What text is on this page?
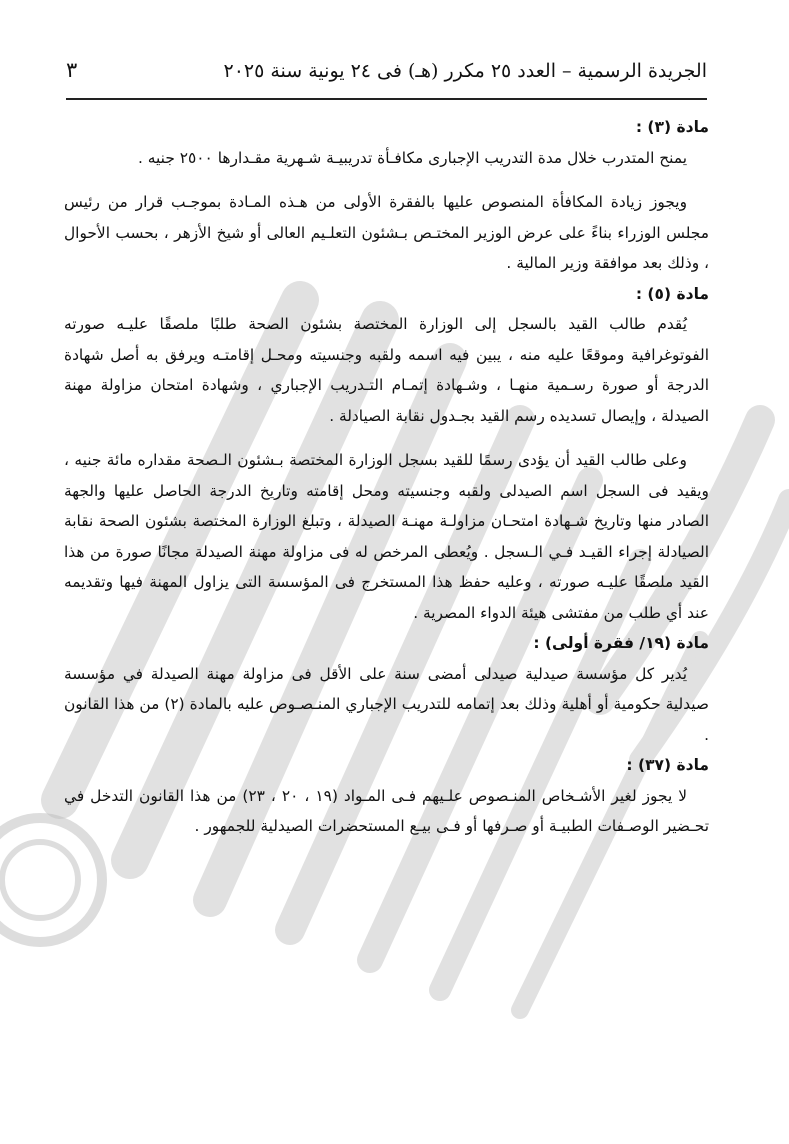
الجريدة الرسمية – العدد ٢٥ مكرر (هـ) فى ٢٤ يونية سنة ٢٠٢٥
٣

مادة (٣) :

يمنح المتدرب خلال مدة التدريب الإجبارى مكافـأة تدريبيـة شـهرية مقـدارها ٢٥٠٠ جنيه .

ويجوز زيادة المكافأة المنصوص عليها بالفقرة الأولى من هـذه المـادة بموجـب قرار من رئيس مجلس الوزراء بناءً على عرض الوزير المختـص بـشئون التعلـيم العالى أو شيخ الأزهر ، بحسب الأحوال ، وذلك بعد موافقة وزير المالية .

مادة (٥) :

يُقدم طالب القيد بالسجل إلى الوزارة المختصة بشئون الصحة طلبًا ملصقًا عليـه صورته الفوتوغرافية وموقعًا عليه منه ، يبين فيه اسمه ولقبه وجنسيته ومحـل إقامتـه ويرفق به أصل شهادة الدرجة أو صورة رسـمية منهـا ، وشـهادة إتمـام التـدريب الإجباري ، وشهادة امتحان مزاولة مهنة الصيدلة ، وإيصال تسديده رسم القيد بجـدول نقابة الصيادلة .

وعلى طالب القيد أن يؤدى رسمًا للقيد بسجل الوزارة المختصة بـشئون الـصحة مقداره مائة جنيه ، ويقيد فى السجل اسم الصيدلى ولقبه وجنسيته ومحل إقامته وتاريخ الدرجة الحاصل عليها والجهة الصادر منها وتاريخ شـهادة امتحـان مزاولـة مهنـة الصيدلة ، وتبلغ الوزارة المختصة بشئون الصحة نقابة الصيادلة إجراء القيـد فـي الـسجل . ويُعطى المرخص له فى مزاولة مهنة الصيدلة مجانًا صورة من هذا القيد ملصقًا عليـه صورته ، وعليه حفظ هذا المستخرج فى المؤسسة التى يزاول المهنة فيها وتقديمه عند أي طلب من مفتشى هيئة الدواء المصرية .

مادة (١٩/ فقرة أولى) :

يُدير كل مؤسسة صيدلية صيدلى أمضى سنة على الأقل فى مزاولة مهنة الصيدلة في مؤسسة صيدلية حكومية أو أهلية وذلك بعد إتمامه للتدريب الإجباري المنـصـوص عليه بالمادة (٢) من هذا القانون .

مادة (٣٧) :

لا يجوز لغير الأشـخاص المنـصوص علـيهم فـى المـواد (١٩ ، ٢٠ ، ٢٣) من هذا القانون التدخل في تحـضير الوصـفات الطبيـة أو صـرفها أو فـى بيـع المستحضرات الصيدلية للجمهور .
